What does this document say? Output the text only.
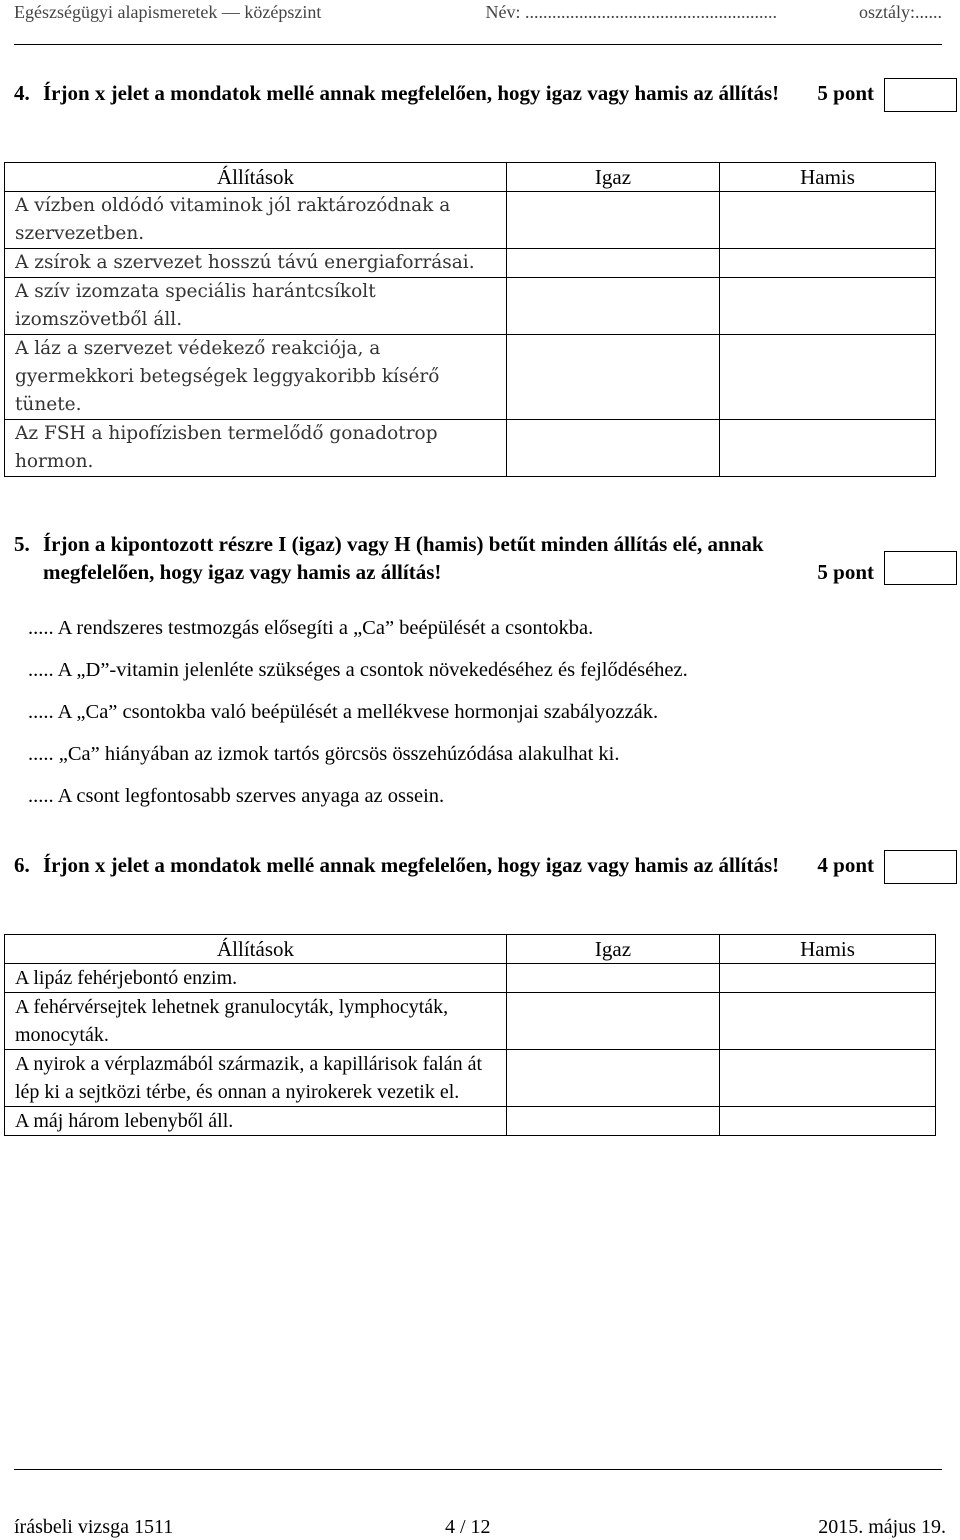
Egészségügyi alapismeretek — középszint	Név: ........................................................	osztály:......
4. Írjon x jelet a mondatok mellé annak megfelelően, hogy igaz vagy hamis az állítás!	5 pont
Állítások	Igaz	Hamis
A vízben oldódó vitaminok jól raktározódnak a szervezetben.		
A zsírok a szervezet hosszú távú energiaforrásai.		
A szív izomzata speciális harántcsíkolt izomszövetből áll.		
A láz a szervezet védekező reakciója, a gyermekkori betegségek leggyakoribb kísérő tünete.		
Az FSH a hipofízisben termelődő gonadotrop hormon.		
5. Írjon a kipontozott részre I (igaz) vagy H (hamis) betűt minden állítás elé, annak megfelelően, hogy igaz vagy hamis az állítás!	5 pont
..... A rendszeres testmozgás elősegíti a „Ca” beépülését a csontokba.
..... A „D”-vitamin jelenléte szükséges a csontok növekedéséhez és fejlődéséhez.
..... A „Ca” csontokba való beépülését a mellékvese hormonjai szabályozzák.
..... „Ca” hiányában az izmok tartós görcsös összehúzódása alakulhat ki.
..... A csont legfontosabb szerves anyaga az ossein.
6. Írjon x jelet a mondatok mellé annak megfelelően, hogy igaz vagy hamis az állítás!	4 pont
Állítások	Igaz	Hamis
A lipáz fehérjebontó enzim.		
A fehérvérsejtek lehetnek granulocyták, lymphocyták, monocyták.		
A nyirok a vérplazmából származik, a kapillárisok falán át lép ki a sejtközi térbe, és onnan a nyirokerek vezetik el.		
A máj három lebenyből áll.		
írásbeli vizsga 1511	4 / 12	2015. május 19.
